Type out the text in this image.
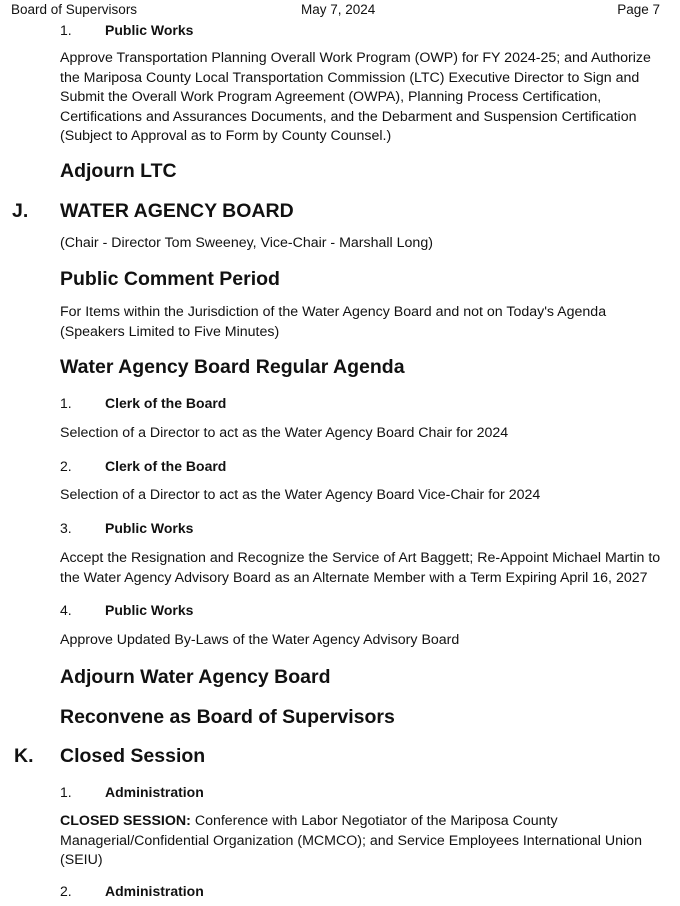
Board of Supervisors	May 7, 2024	Page 7
1. Public Works
Approve Transportation Planning Overall Work Program (OWP) for FY 2024-25; and Authorize
the Mariposa County Local Transportation Commission (LTC) Executive Director to Sign and
Submit the Overall Work Program Agreement (OWPA), Planning Process Certification,
Certifications and Assurances Documents, and the Debarment and Suspension Certification
(Subject to Approval as to Form by County Counsel.)
Adjourn LTC
J. WATER AGENCY BOARD
(Chair - Director Tom Sweeney, Vice-Chair - Marshall Long)
Public Comment Period
For Items within the Jurisdiction of the Water Agency Board and not on Today's Agenda
(Speakers Limited to Five Minutes)
Water Agency Board Regular Agenda
1. Clerk of the Board
Selection of a Director to act as the Water Agency Board Chair for 2024
2. Clerk of the Board
Selection of a Director to act as the Water Agency Board Vice-Chair for 2024
3. Public Works
Accept the Resignation and Recognize the Service of Art Baggett; Re-Appoint Michael Martin to
the Water Agency Advisory Board as an Alternate Member with a Term Expiring April 16, 2027
4. Public Works
Approve Updated By-Laws of the Water Agency Advisory Board
Adjourn Water Agency Board
Reconvene as Board of Supervisors
K. Closed Session
1. Administration
CLOSED SESSION: Conference with Labor Negotiator of the Mariposa County
Managerial/Confidential Organization (MCMCO); and Service Employees International Union
(SEIU)
2. Administration
